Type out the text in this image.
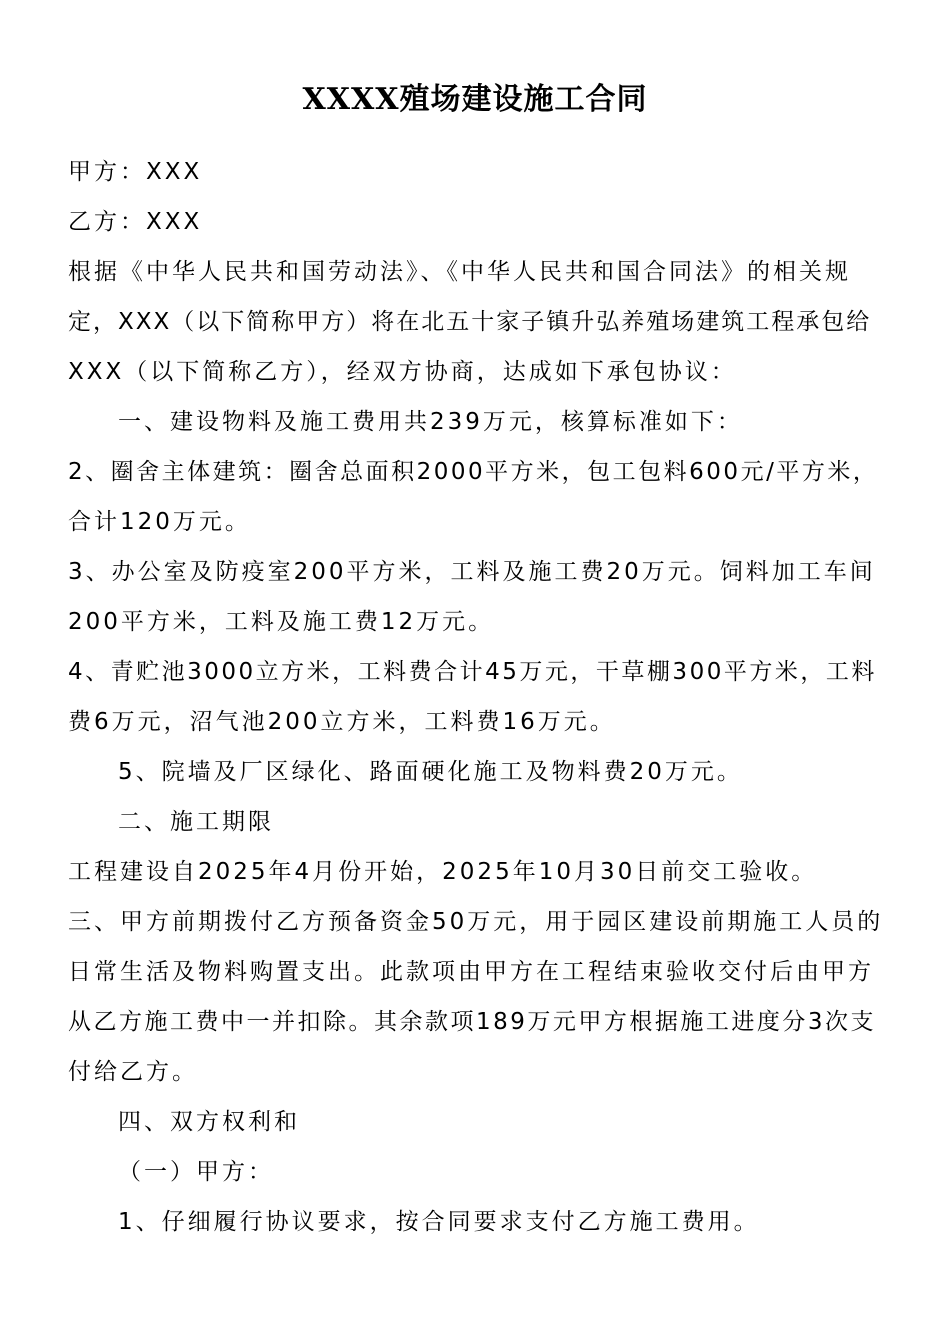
XXXX殖场建设施工合同
甲方：XXX
乙方：XXX
根据《中华人民共和国劳动法》、《中华人民共和国合同法》的相关规
定，XXX（以下简称甲方）将在北五十家子镇升弘养殖场建筑工程承包给
XXX（以下简称乙方），经双方协商，达成如下承包协议：
一、建设物料及施工费用共239万元，核算标准如下：
2、圈舍主体建筑：圈舍总面积2000平方米，包工包料600元/平方米，
合计120万元。
3、办公室及防疫室200平方米，工料及施工费20万元。饲料加工车间
200平方米，工料及施工费12万元。
4、青贮池3000立方米，工料费合计45万元，干草棚300平方米，工料
费6万元，沼气池200立方米，工料费16万元。
5、院墙及厂区绿化、路面硬化施工及物料费20万元。
二、施工期限
工程建设自2025年4月份开始，2025年10月30日前交工验收。
三、甲方前期拨付乙方预备资金50万元，用于园区建设前期施工人员的
日常生活及物料购置支出。此款项由甲方在工程结束验收交付后由甲方
从乙方施工费中一并扣除。其余款项189万元甲方根据施工进度分3次支
付给乙方。
四、双方权利和
（一）甲方：
1、仔细履行协议要求，按合同要求支付乙方施工费用。
